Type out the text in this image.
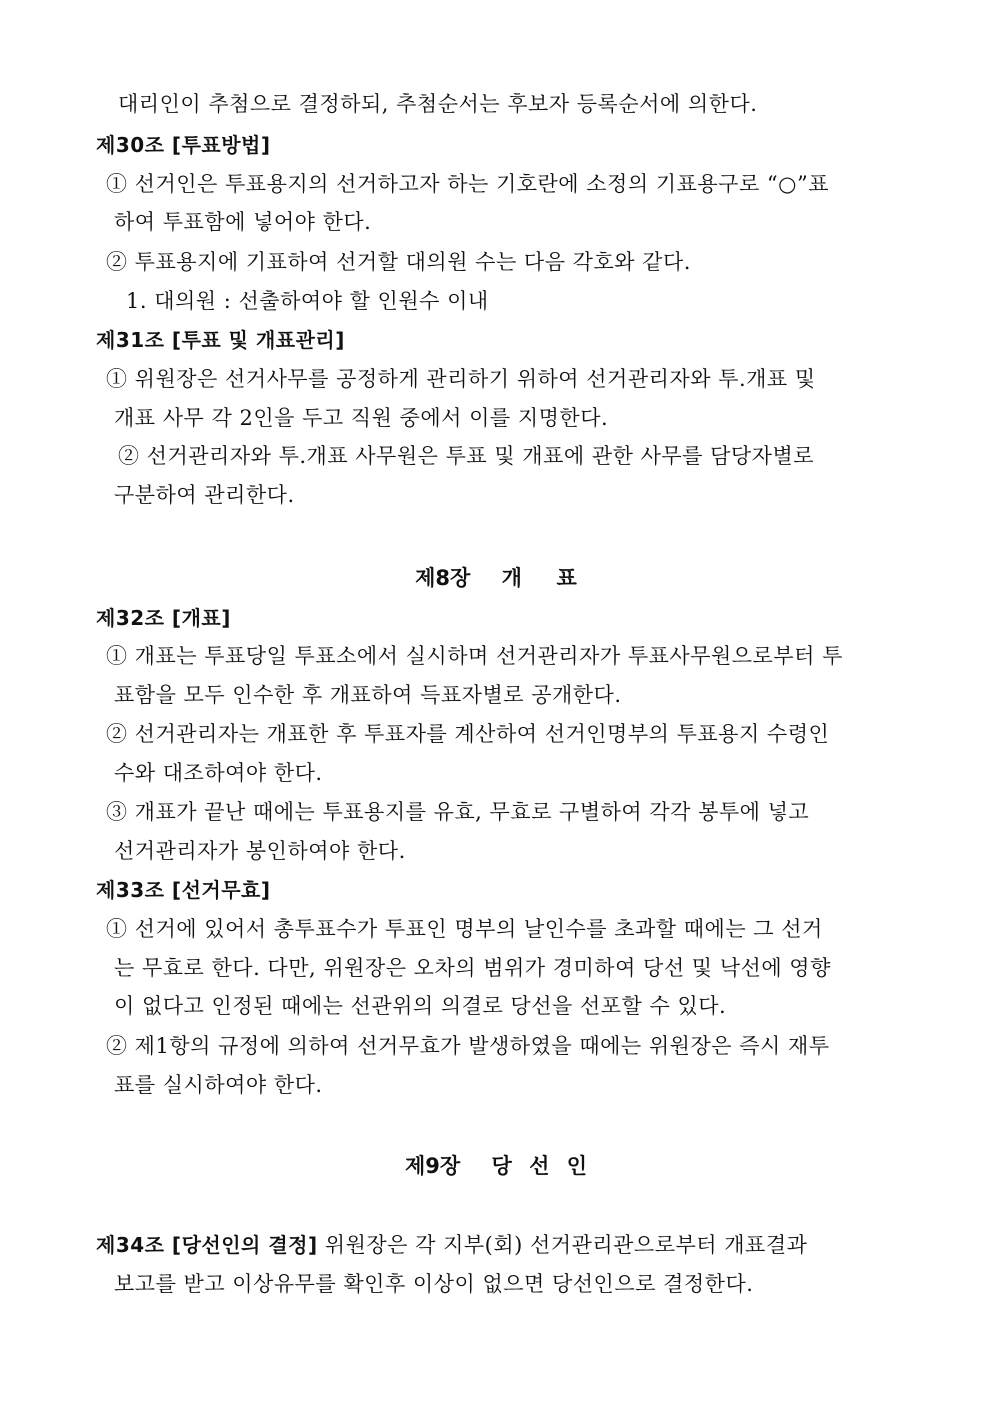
대리인이 추첨으로 결정하되, 추첨순서는 후보자 등록순서에 의한다.
제30조 [투표방법]
① 선거인은 투표용지의 선거하고자 하는 기호란에 소정의 기표용구로 “○”표
하여 투표함에 넣어야 한다.
② 투표용지에 기표하여 선거할 대의원 수는 다음 각호와 같다.
1. 대의원 : 선출하여야 할 인원수 이내
제31조 [투표 및 개표관리]
① 위원장은 선거사무를 공정하게 관리하기 위하여 선거관리자와 투.개표 및
개표 사무 각 2인을 두고 직원 중에서 이를 지명한다.
② 선거관리자와 투.개표 사무원은 투표 및 개표에 관한 사무를 담당자별로
구분하여 관리한다.
제8장 개  표
제32조 [개표]
① 개표는 투표당일 투표소에서 실시하며 선거관리자가 투표사무원으로부터 투
표함을 모두 인수한 후 개표하여 득표자별로 공개한다.
② 선거관리자는 개표한 후 투표자를 계산하여 선거인명부의 투표용지 수령인
수와 대조하여야 한다.
③ 개표가 끝난 때에는 투표용지를 유효, 무효로 구별하여 각각 봉투에 넣고
선거관리자가 봉인하여야 한다.
제33조 [선거무효]
① 선거에 있어서 총투표수가 투표인 명부의 날인수를 초과할 때에는 그 선거
는 무효로 한다. 다만, 위원장은 오차의 범위가 경미하여 당선 및 낙선에 영향
이 없다고 인정된 때에는 선관위의 의결로 당선을 선포할 수 있다.
② 제1항의 규정에 의하여 선거무효가 발생하였을 때에는 위원장은 즉시 재투
표를 실시하여야 한다.
제9장 당 선 인
제34조 [당선인의 결정] 위원장은 각 지부(회) 선거관리관으로부터 개표결과
보고를 받고 이상유무를 확인후 이상이 없으면 당선인으로 결정한다.
